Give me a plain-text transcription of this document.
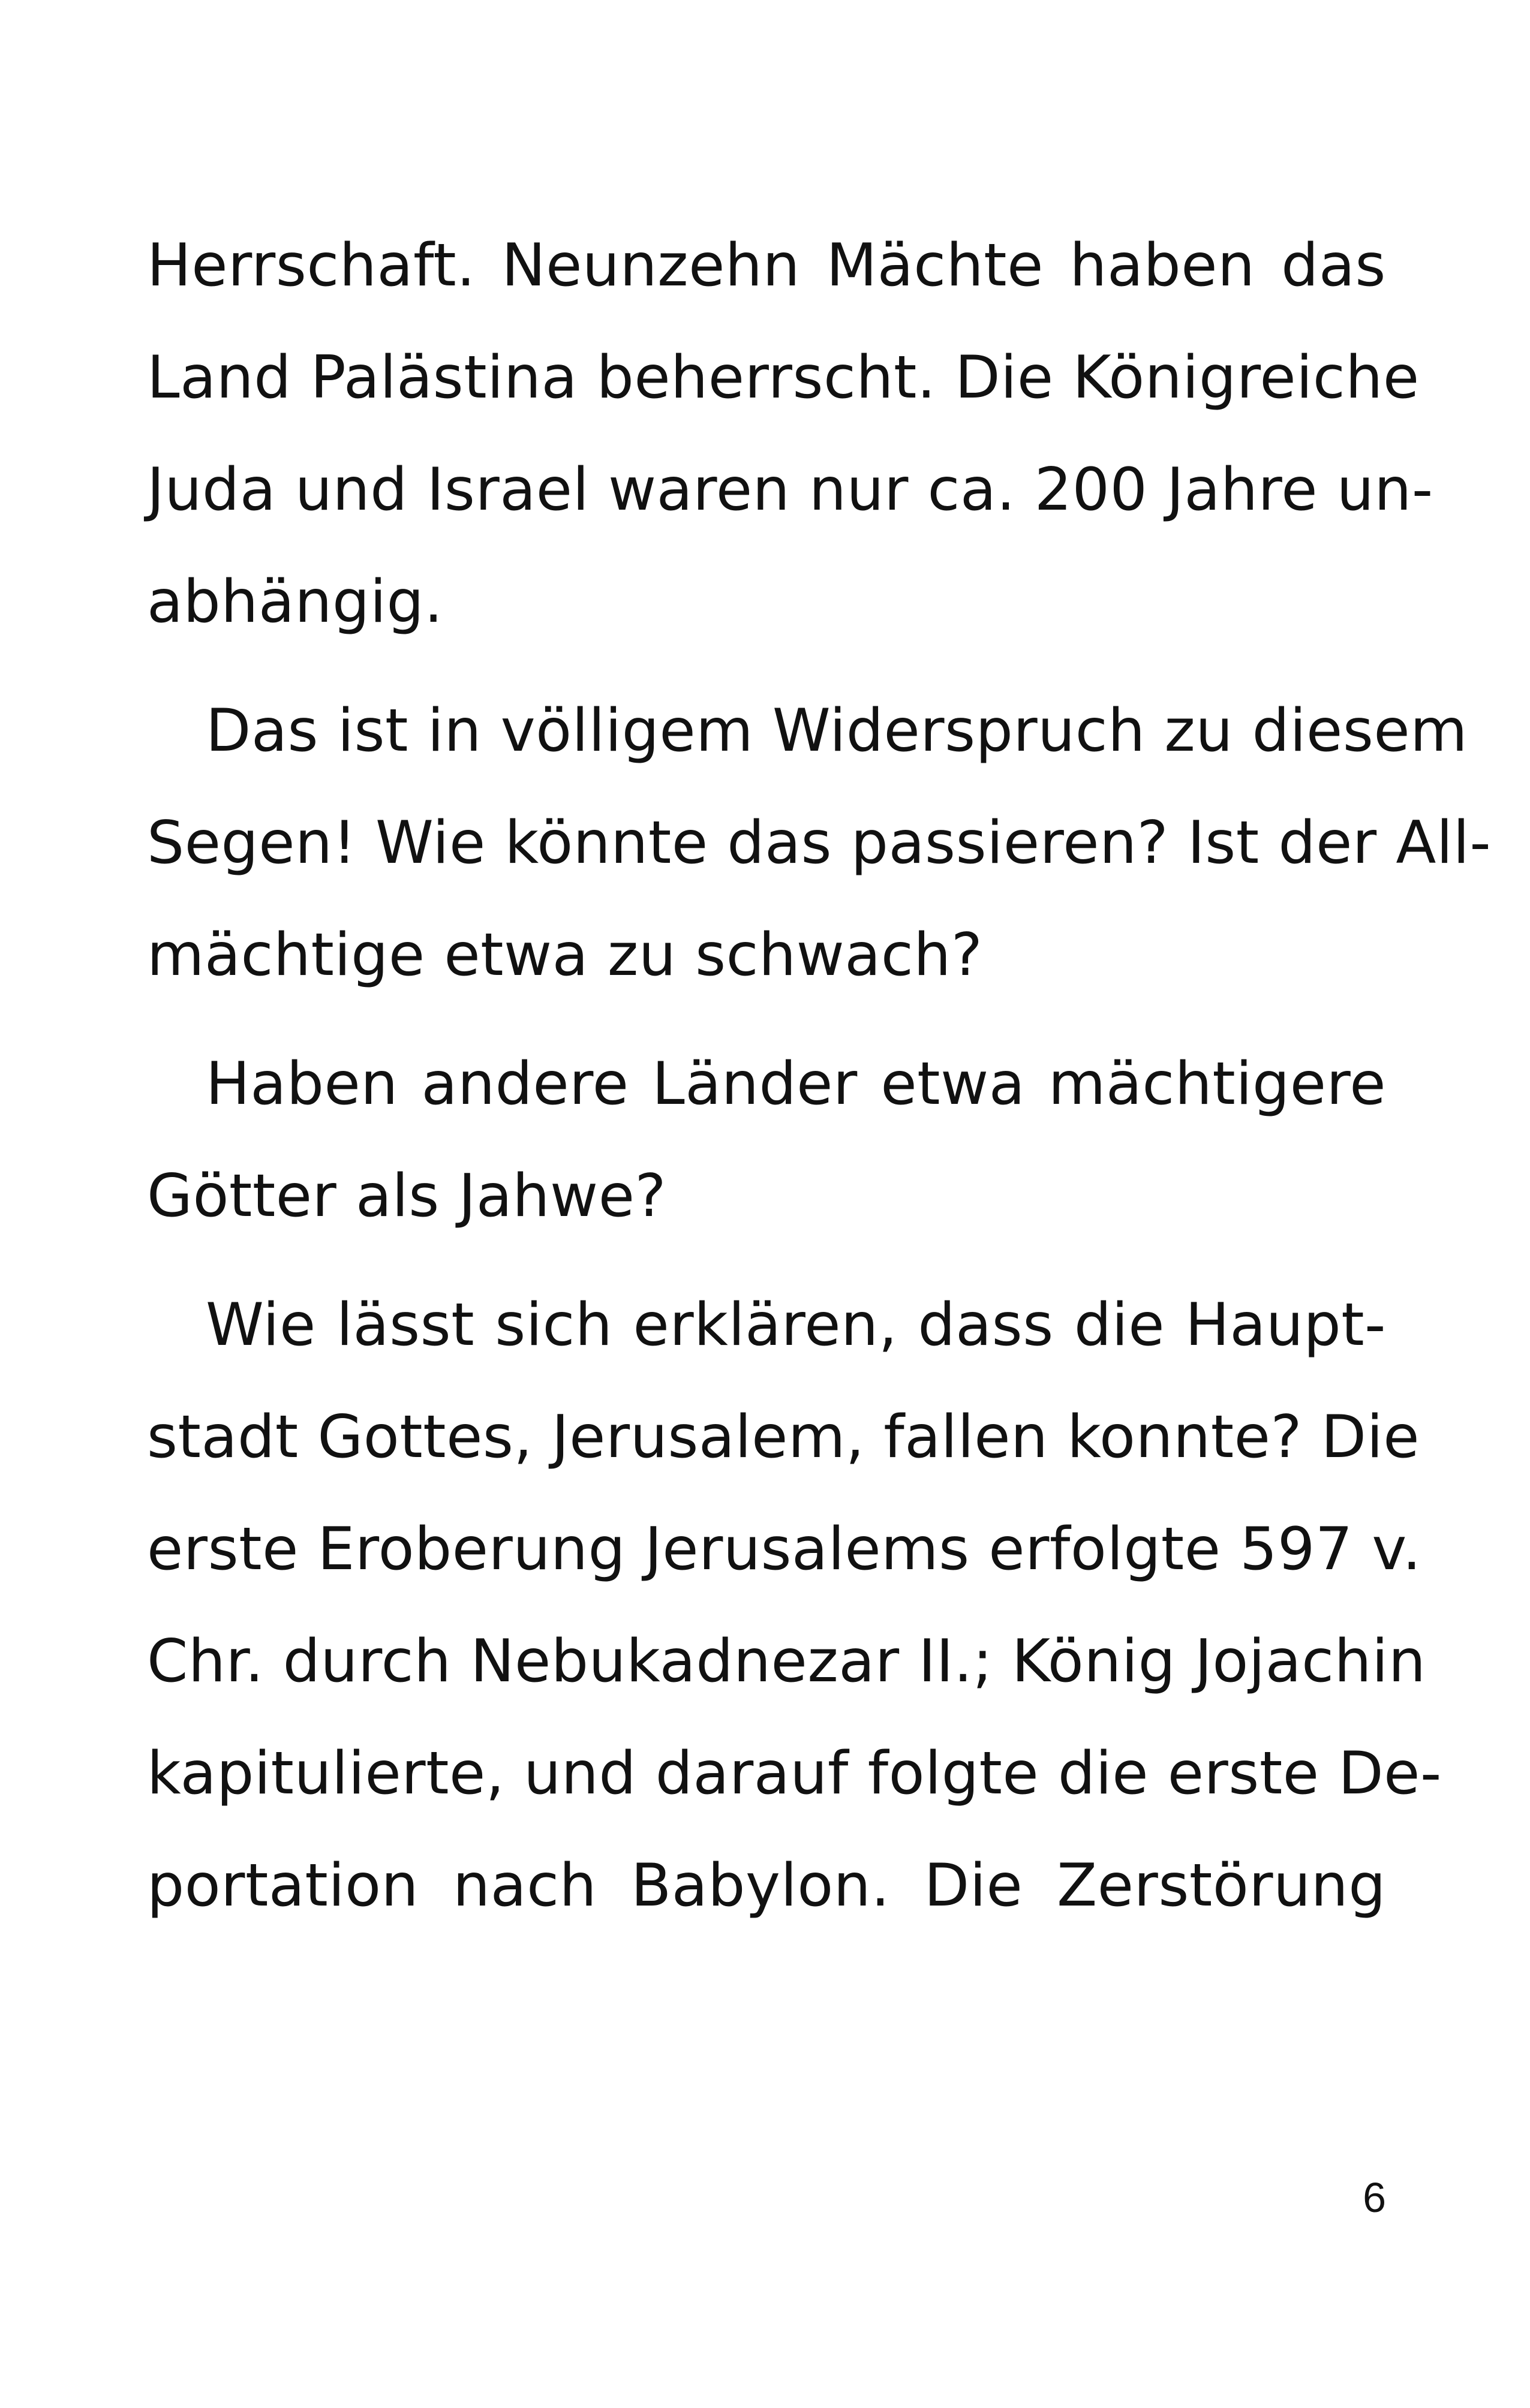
Herrschaft. Neunzehn Mächte haben das
Land Palästina beherrscht. Die Königreiche
Juda und Israel waren nur ca. 200 Jahre un-
abhängig.

Das ist in völligem Widerspruch zu diesem
Segen! Wie könnte das passieren? Ist der All-
mächtige etwa zu schwach?

Haben andere Länder etwa mächtigere
Götter als Jahwe?

Wie lässt sich erklären, dass die Haupt-
stadt Gottes, Jerusalem, fallen konnte? Die
erste Eroberung Jerusalems erfolgte 597 v.
Chr. durch Nebukadnezar II.; König Jojachin
kapitulierte, und darauf folgte die erste De-
portation nach Babylon. Die Zerstörung

6
